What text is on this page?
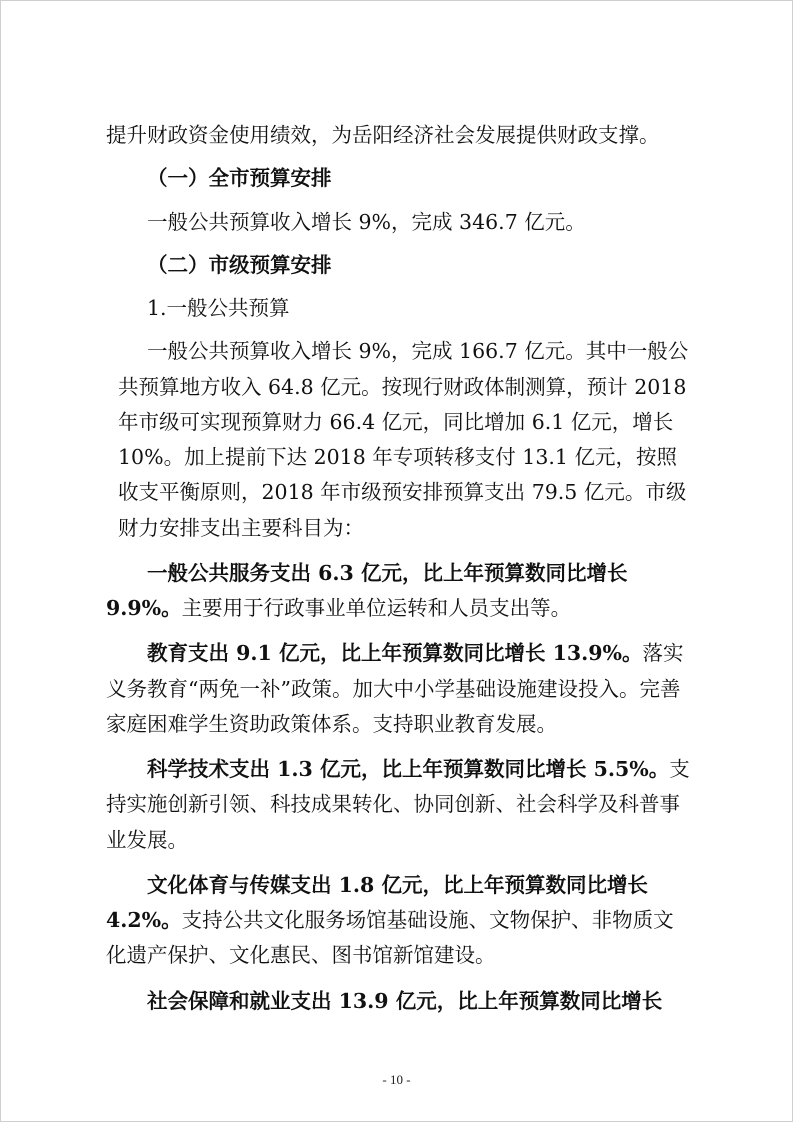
提升财政资金使用绩效，为岳阳经济社会发展提供财政支撑。

（一）全市预算安排

一般公共预算收入增长 9%，完成 346.7 亿元。

（二）市级预算安排

1.一般公共预算

一般公共预算收入增长 9%，完成 166.7 亿元。其中一般公

共预算地方收入 64.8 亿元。按现行财政体制测算，预计 2018 年市级可实现预算财力 66.4 亿元，同比增加 6.1 亿元，增长 10%。加上提前下达 2018 年专项转移支付 13.1 亿元，按照收支平衡原则，2018 年市级预安排预算支出 79.5 亿元。市级财力安排支出主要科目为：

一般公共服务支出 6.3 亿元，比上年预算数同比增长 9.9%。主要用于行政事业单位运转和人员支出等。

教育支出 9.1 亿元，比上年预算数同比增长 13.9%。落实义务教育“两免一补”政策。加大中小学基础设施建设投入。完善家庭困难学生资助政策体系。支持职业教育发展。

科学技术支出 1.3 亿元，比上年预算数同比增长 5.5%。支持实施创新引领、科技成果转化、协同创新、社会科学及科普事业发展。

文化体育与传媒支出 1.8 亿元，比上年预算数同比增长 4.2%。支持公共文化服务场馆基础设施、文物保护、非物质文化遗产保护、文化惠民、图书馆新馆建设。

社会保障和就业支出 13.9 亿元，比上年预算数同比增长

- 10 -
